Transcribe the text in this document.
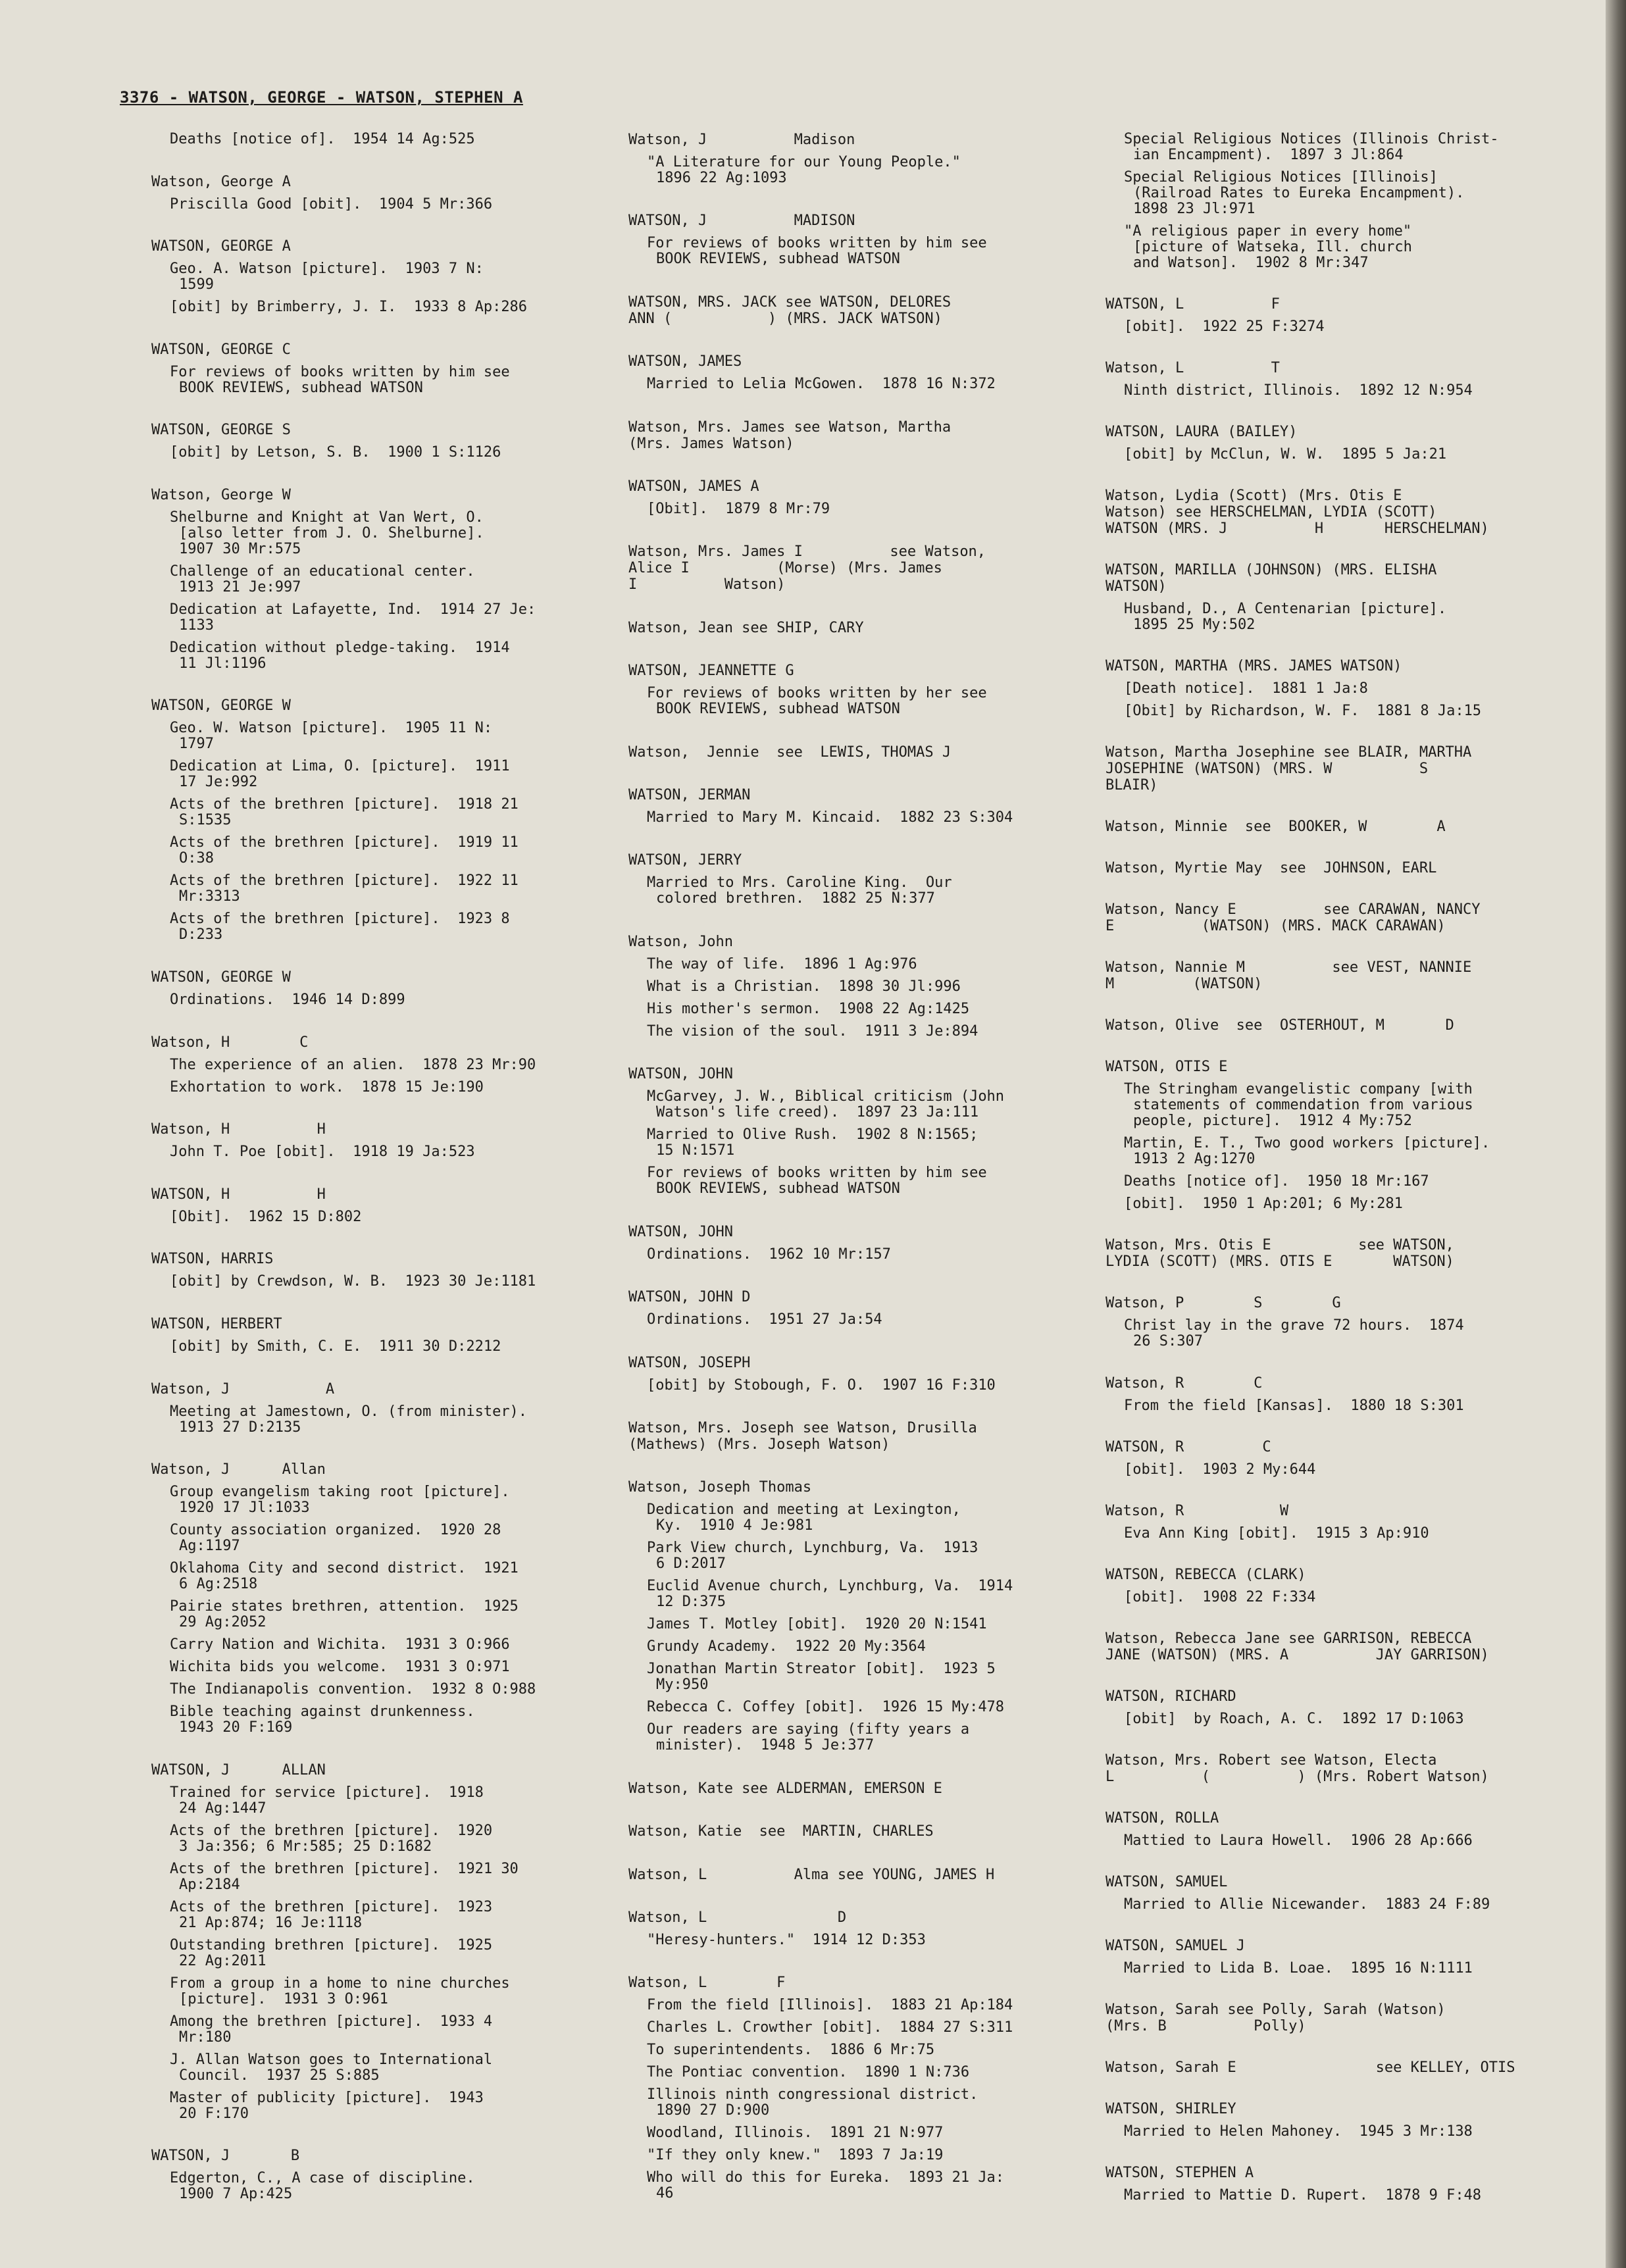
3376 - WATSON, GEORGE - WATSON, STEPHEN A
Deaths [notice of].  1954 14 Ag:525
Watson, George A
Priscilla Good [obit].  1904 5 Mr:366
WATSON, GEORGE A
Geo. A. Watson [picture].  1903 7 N:
1599
[obit] by Brimberry, J. I.  1933 8 Ap:286
WATSON, GEORGE C
For reviews of books written by him see
BOOK REVIEWS, subhead WATSON
WATSON, GEORGE S
[obit] by Letson, S. B.  1900 1 S:1126
Watson, George W
Shelburne and Knight at Van Wert, O.
[also letter from J. O. Shelburne].
1907 30 Mr:575
Challenge of an educational center.
1913 21 Je:997
Dedication at Lafayette, Ind.  1914 27 Je:
1133
Dedication without pledge-taking.  1914
11 Jl:1196
WATSON, GEORGE W
Geo. W. Watson [picture].  1905 11 N:
1797
Dedication at Lima, O. [picture].  1911
17 Je:992
Acts of the brethren [picture].  1918 21
S:1535
Acts of the brethren [picture].  1919 11
O:38
Acts of the brethren [picture].  1922 11
Mr:3313
Acts of the brethren [picture].  1923 8
D:233
WATSON, GEORGE W
Ordinations.  1946 14 D:899
Watson, H        C
The experience of an alien.  1878 23 Mr:90
Exhortation to work.  1878 15 Je:190
Watson, H          H
John T. Poe [obit].  1918 19 Ja:523
WATSON, H          H
[Obit].  1962 15 D:802
WATSON, HARRIS
[obit] by Crewdson, W. B.  1923 30 Je:1181
WATSON, HERBERT
[obit] by Smith, C. E.  1911 30 D:2212
Watson, J           A
Meeting at Jamestown, O. (from minister).
1913 27 D:2135
Watson, J      Allan
Group evangelism taking root [picture].
1920 17 Jl:1033
County association organized.  1920 28
Ag:1197
Oklahoma City and second district.  1921
6 Ag:2518
Pairie states brethren, attention.  1925
29 Ag:2052
Carry Nation and Wichita.  1931 3 O:966
Wichita bids you welcome.  1931 3 O:971
The Indianapolis convention.  1932 8 O:988
Bible teaching against drunkenness.
1943 20 F:169
WATSON, J      ALLAN
Trained for service [picture].  1918
24 Ag:1447
Acts of the brethren [picture].  1920
3 Ja:356; 6 Mr:585; 25 D:1682
Acts of the brethren [picture].  1921 30
Ap:2184
Acts of the brethren [picture].  1923
21 Ap:874; 16 Je:1118
Outstanding brethren [picture].  1925
22 Ag:2011
From a group in a home to nine churches
[picture].  1931 3 O:961
Among the brethren [picture].  1933 4
Mr:180
J. Allan Watson goes to International
Council.  1937 25 S:885
Master of publicity [picture].  1943
20 F:170
WATSON, J       B
Edgerton, C., A case of discipline.
1900 7 Ap:425
Watson, J          Madison
"A Literature for our Young People."
1896 22 Ag:1093
WATSON, J          MADISON
For reviews of books written by him see
BOOK REVIEWS, subhead WATSON
WATSON, MRS. JACK see WATSON, DELORES
ANN (           ) (MRS. JACK WATSON)
WATSON, JAMES
Married to Lelia McGowen.  1878 16 N:372
Watson, Mrs. James see Watson, Martha
(Mrs. James Watson)
WATSON, JAMES A
[Obit].  1879 8 Mr:79
Watson, Mrs. James I          see Watson,
Alice I          (Morse) (Mrs. James
I          Watson)
Watson, Jean see SHIP, CARY
WATSON, JEANNETTE G
For reviews of books written by her see
BOOK REVIEWS, subhead WATSON
Watson,  Jennie  see  LEWIS, THOMAS J
WATSON, JERMAN
Married to Mary M. Kincaid.  1882 23 S:304
WATSON, JERRY
Married to Mrs. Caroline King.  Our
colored brethren.  1882 25 N:377
Watson, John
The way of life.  1896 1 Ag:976
What is a Christian.  1898 30 Jl:996
His mother's sermon.  1908 22 Ag:1425
The vision of the soul.  1911 3 Je:894
WATSON, JOHN
McGarvey, J. W., Biblical criticism (John
Watson's life creed).  1897 23 Ja:111
Married to Olive Rush.  1902 8 N:1565;
15 N:1571
For reviews of books written by him see
BOOK REVIEWS, subhead WATSON
WATSON, JOHN
Ordinations.  1962 10 Mr:157
WATSON, JOHN D
Ordinations.  1951 27 Ja:54
WATSON, JOSEPH
[obit] by Stobough, F. O.  1907 16 F:310
Watson, Mrs. Joseph see Watson, Drusilla
(Mathews) (Mrs. Joseph Watson)
Watson, Joseph Thomas
Dedication and meeting at Lexington,
Ky.  1910 4 Je:981
Park View church, Lynchburg, Va.  1913
6 D:2017
Euclid Avenue church, Lynchburg, Va.  1914
12 D:375
James T. Motley [obit].  1920 20 N:1541
Grundy Academy.  1922 20 My:3564
Jonathan Martin Streator [obit].  1923 5
My:950
Rebecca C. Coffey [obit].  1926 15 My:478
Our readers are saying (fifty years a
minister).  1948 5 Je:377
Watson, Kate see ALDERMAN, EMERSON E
Watson, Katie  see  MARTIN, CHARLES
Watson, L          Alma see YOUNG, JAMES H
Watson, L               D
"Heresy-hunters."  1914 12 D:353
Watson, L        F
From the field [Illinois].  1883 21 Ap:184
Charles L. Crowther [obit].  1884 27 S:311
To superintendents.  1886 6 Mr:75
The Pontiac convention.  1890 1 N:736
Illinois ninth congressional district.
1890 27 D:900
Woodland, Illinois.  1891 21 N:977
"If they only knew."  1893 7 Ja:19
Who will do this for Eureka.  1893 21 Ja:
46
Special Religious Notices (Illinois Christ-
ian Encampment).  1897 3 Jl:864
Special Religious Notices [Illinois]
(Railroad Rates to Eureka Encampment).
1898 23 Jl:971
"A religious paper in every home"
[picture of Watseka, Ill. church
and Watson].  1902 8 Mr:347
WATSON, L          F
[obit].  1922 25 F:3274
Watson, L          T
Ninth district, Illinois.  1892 12 N:954
WATSON, LAURA (BAILEY)
[obit] by McClun, W. W.  1895 5 Ja:21
Watson, Lydia (Scott) (Mrs. Otis E
Watson) see HERSCHELMAN, LYDIA (SCOTT)
WATSON (MRS. J          H       HERSCHELMAN)
WATSON, MARILLA (JOHNSON) (MRS. ELISHA
WATSON)
Husband, D., A Centenarian [picture].
1895 25 My:502
WATSON, MARTHA (MRS. JAMES WATSON)
[Death notice].  1881 1 Ja:8
[Obit] by Richardson, W. F.  1881 8 Ja:15
Watson, Martha Josephine see BLAIR, MARTHA
JOSEPHINE (WATSON) (MRS. W          S
BLAIR)
Watson, Minnie  see  BOOKER, W        A
Watson, Myrtie May  see  JOHNSON, EARL
Watson, Nancy E          see CARAWAN, NANCY
E          (WATSON) (MRS. MACK CARAWAN)
Watson, Nannie M          see VEST, NANNIE
M         (WATSON)
Watson, Olive  see  OSTERHOUT, M       D
WATSON, OTIS E
The Stringham evangelistic company [with
statements of commendation from various
people, picture].  1912 4 My:752
Martin, E. T., Two good workers [picture].
1913 2 Ag:1270
Deaths [notice of].  1950 18 Mr:167
[obit].  1950 1 Ap:201; 6 My:281
Watson, Mrs. Otis E          see WATSON,
LYDIA (SCOTT) (MRS. OTIS E       WATSON)
Watson, P        S        G
Christ lay in the grave 72 hours.  1874
26 S:307
Watson, R        C
From the field [Kansas].  1880 18 S:301
WATSON, R         C
[obit].  1903 2 My:644
Watson, R           W
Eva Ann King [obit].  1915 3 Ap:910
WATSON, REBECCA (CLARK)
[obit].  1908 22 F:334
Watson, Rebecca Jane see GARRISON, REBECCA
JANE (WATSON) (MRS. A          JAY GARRISON)
WATSON, RICHARD
[obit]  by Roach, A. C.  1892 17 D:1063
Watson, Mrs. Robert see Watson, Electa
L          (          ) (Mrs. Robert Watson)
WATSON, ROLLA
Mattied to Laura Howell.  1906 28 Ap:666
WATSON, SAMUEL
Married to Allie Nicewander.  1883 24 F:89
WATSON, SAMUEL J
Married to Lida B. Loae.  1895 16 N:1111
Watson, Sarah see Polly, Sarah (Watson)
(Mrs. B          Polly)
Watson, Sarah E                see KELLEY, OTIS
WATSON, SHIRLEY
Married to Helen Mahoney.  1945 3 Mr:138
WATSON, STEPHEN A
Married to Mattie D. Rupert.  1878 9 F:48
